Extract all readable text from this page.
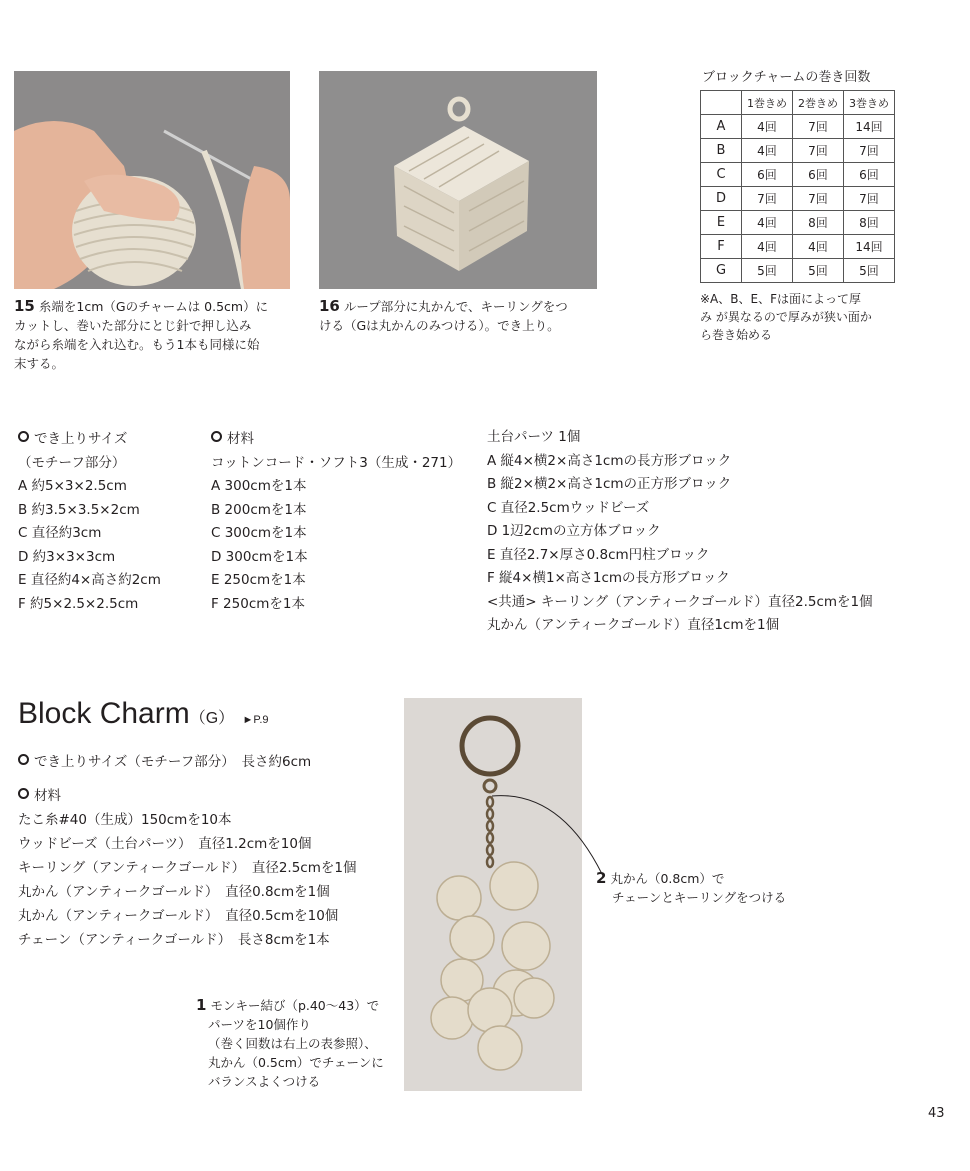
15 糸端を1cm（Gのチャームは 0.5cm）に
カットし、巻いた部分にとじ針で押し込み
ながら糸端を入れ込む。もう1本も同様に始
末する。
16 ループ部分に丸かんで、キーリングをつ
ける（Gは丸かんのみつける）。でき上り。
ブロックチャームの巻き回数
	1巻きめ	2巻きめ	3巻きめ
A	4回	7回	14回
B	4回	7回	7回
C	6回	6回	6回
D	7回	7回	7回
E	4回	8回	8回
F	4回	4回	14回
G	5回	5回	5回
※A、B、E、Fは面によって厚
み が異なるので厚みが狭い面か
ら巻き始める
でき上りサイズ
（モチーフ部分）
A 約5×3×2.5cm
B 約3.5×3.5×2cm
C 直径約3cm
D 約3×3×3cm
E 直径約4×高さ約2cm
F 約5×2.5×2.5cm
材料
コットンコード・ソフト3（生成・271）
A 300cmを1本
B 200cmを1本
C 300cmを1本
D 300cmを1本
E 250cmを1本
F 250cmを1本
土台パーツ 1個
A 縦4×横2×高さ1cmの長方形ブロック
B 縦2×横2×高さ1cmの正方形ブロック
C 直径2.5cmウッドビーズ
D 1辺2cmの立方体ブロック
E 直径2.7×厚さ0.8cm円柱ブロック
F 縦4×横1×高さ1cmの長方形ブロック
<共通> キーリング（アンティークゴールド）直径2.5cmを1個
丸かん（アンティークゴールド）直径1cmを1個
Block Charm（G） ►P.9
でき上りサイズ（モチーフ部分）　 長さ約6cm
材料
たこ糸#40（生成）150cmを10本
ウッドビーズ（土台パーツ）　直径1.2cmを10個
キーリング（アンティークゴールド）　直径2.5cmを1個
丸かん（アンティークゴールド）　直径0.8cmを1個
丸かん（アンティークゴールド）　直径0.5cmを10個
チェーン（アンティークゴールド）　長さ8cmを1本
1 モンキー結び（p.40〜43）で
パーツを10個作り
（巻く回数は右上の表参照）、
丸かん（0.5cm）でチェーンに
バランスよくつける
2 丸かん（0.8cm）で
チェーンとキーリングをつける
43
